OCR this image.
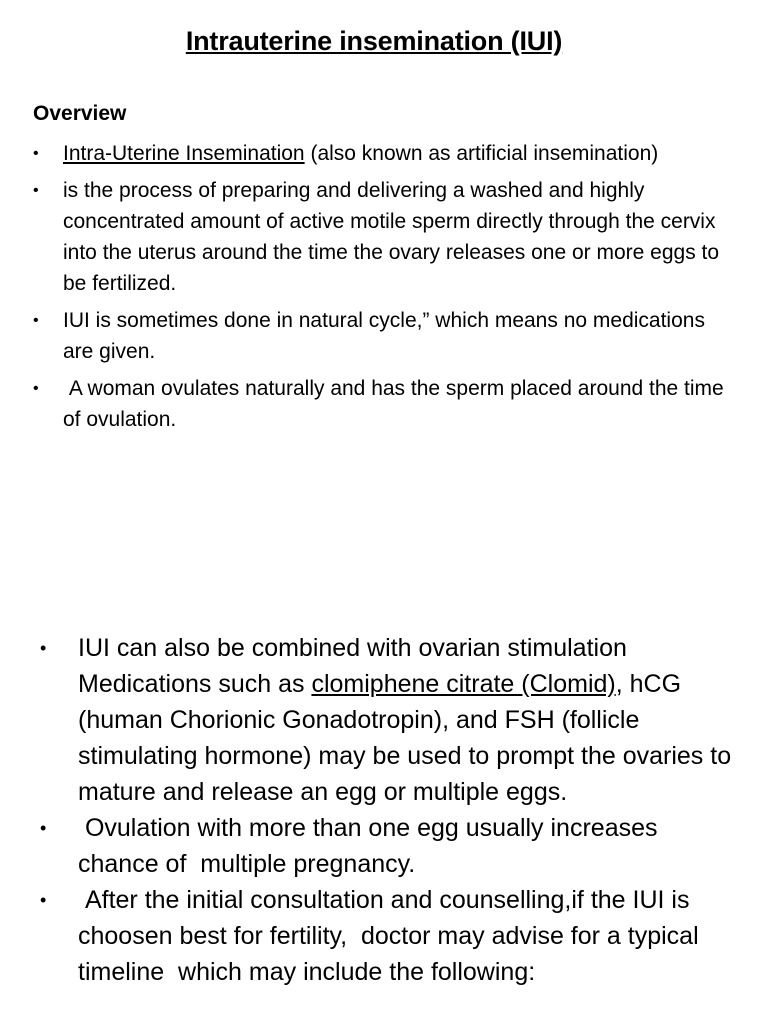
Intrauterine insemination (IUI)
Overview
• Intra-Uterine Insemination (also known as artificial insemination)
• is the process of preparing and delivering a washed and highly concentrated amount of active motile sperm directly through the cervix into the uterus around the time the ovary releases one or more eggs to be fertilized.
• IUI is sometimes done in natural cycle,” which means no medications are given.
• A woman ovulates naturally and has the sperm placed around the time of ovulation.
• IUI can also be combined with ovarian stimulation Medications such as clomiphene citrate (Clomid), hCG (human Chorionic Gonadotropin), and FSH (follicle stimulating hormone) may be used to prompt the ovaries to mature and release an egg or multiple eggs.
• Ovulation with more than one egg usually increases chance of  multiple pregnancy.
• After the initial consultation and counselling,if the IUI is choosen best for fertility,  doctor may advise for a typical timeline  which may include the following:
